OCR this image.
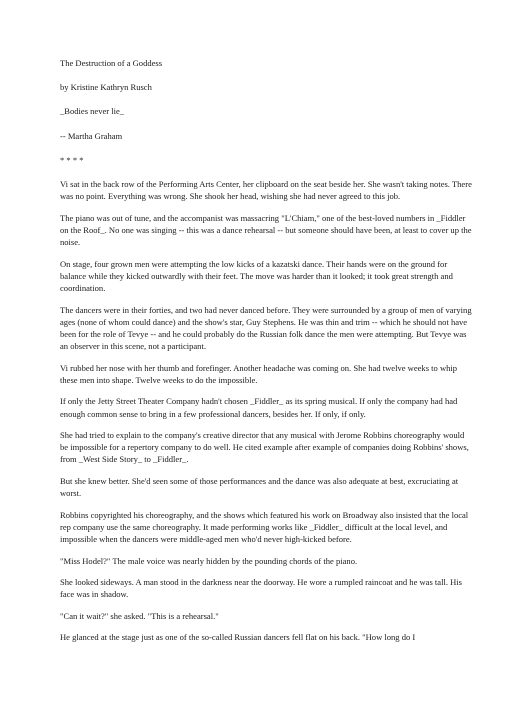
The Destruction of a Goddess
by Kristine Kathryn Rusch
_Bodies never lie_
-- Martha Graham
* * * *

Vi sat in the back row of the Performing Arts Center, her clipboard on the seat beside her. She wasn't taking notes. There was no point. Everything was wrong. She shook her head, wishing she had never agreed to this job.

The piano was out of tune, and the accompanist was massacring "L'Chiam," one of the best-loved numbers in _Fiddler on the Roof_. No one was singing -- this was a dance rehearsal -- but someone should have been, at least to cover up the noise.

On stage, four grown men were attempting the low kicks of a kazatski dance. Their hands were on the ground for balance while they kicked outwardly with their feet. The move was harder than it looked; it took great strength and coordination.

The dancers were in their forties, and two had never danced before. They were surrounded by a group of men of varying ages (none of whom could dance) and the show's star, Guy Stephens. He was thin and trim -- which he should not have been for the role of Tevye -- and he could probably do the Russian folk dance the men were attempting. But Tevye was an observer in this scene, not a participant.

Vi rubbed her nose with her thumb and forefinger. Another headache was coming on. She had twelve weeks to whip these men into shape. Twelve weeks to do the impossible.

If only the Jetty Street Theater Company hadn't chosen _Fiddler_ as its spring musical. If only the company had had enough common sense to bring in a few professional dancers, besides her. If only, if only.

She had tried to explain to the company's creative director that any musical with Jerome Robbins choreography would be impossible for a repertory company to do well. He cited example after example of companies doing Robbins' shows, from _West Side Story_ to _Fiddler_.

But she knew better. She'd seen some of those performances and the dance was also adequate at best, excruciating at worst.

Robbins copyrighted his choreography, and the shows which featured his work on Broadway also insisted that the local rep company use the same choreography. It made performing works like _Fiddler_ difficult at the local level, and impossible when the dancers were middle-aged men who'd never high-kicked before.

"Miss Hodel?" The male voice was nearly hidden by the pounding chords of the piano.

She looked sideways. A man stood in the darkness near the doorway. He wore a rumpled raincoat and he was tall. His face was in shadow.

"Can it wait?" she asked. "This is a rehearsal."

He glanced at the stage just as one of the so-called Russian dancers fell flat on his back. "How long do I
